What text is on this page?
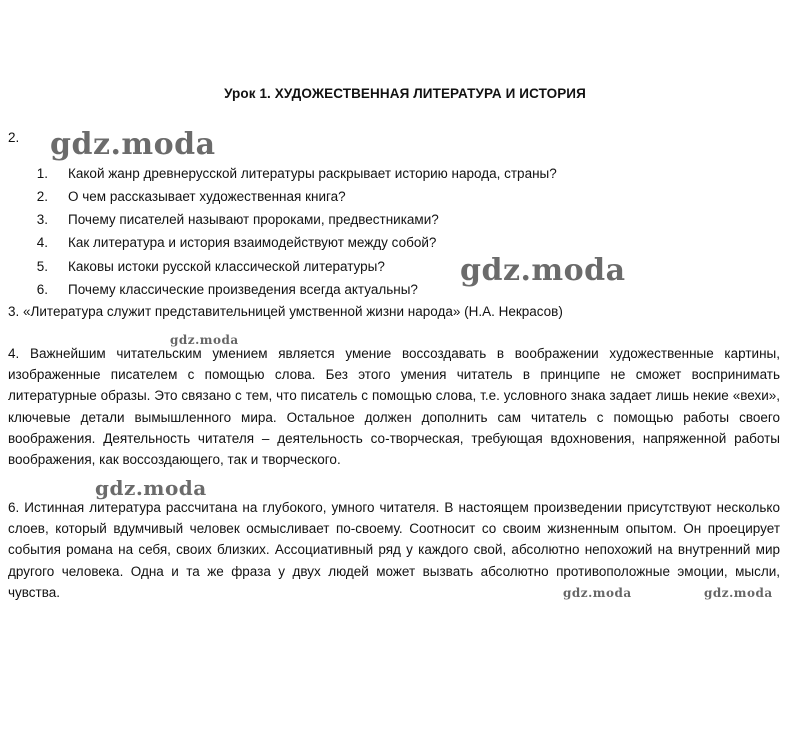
Урок 1. ХУДОЖЕСТВЕННАЯ ЛИТЕРАТУРА И ИСТОРИЯ
2.
1. Какой жанр древнерусской литературы раскрывает историю народа, страны?
2. О чем рассказывает художественная книга?
3. Почему писателей называют пророками, предвестниками?
4. Как литература и история взаимодействуют между собой?
5. Каковы истоки русской классической литературы?
6. Почему классические произведения всегда актуальны?
3. «Литература служит представительницей умственной жизни народа» (Н.А. Некрасов)
4. Важнейшим читательским умением является умение воссоздавать в воображении художественные картины, изображенные писателем с помощью слова. Без этого умения читатель в принципе не сможет воспринимать литературные образы. Это связано с тем, что писатель с помощью слова, т.е. условного знака задает лишь некие «вехи», ключевые детали вымышленного мира. Остальное должен дополнить сам читатель с помощью работы своего воображения. Деятельность читателя – деятельность со-творческая, требующая вдохновения, напряженной работы воображения, как воссоздающего, так и творческого.
6. Истинная литература рассчитана на глубокого, умного читателя. В настоящем произведении присутствуют несколько слоев, который вдумчивый человек осмысливает по-своему. Соотносит со своим жизненным опытом. Он проецирует события романа на себя, своих близких. Ассоциативный ряд у каждого свой, абсолютно непохожий на внутренний мир другого человека. Одна и та же фраза у двух людей может вызвать абсолютно противоположные эмоции, мысли, чувства.
gdz.moda
gdz.moda
gdz.moda
gdz.moda
gdz.moda	gdz.moda
